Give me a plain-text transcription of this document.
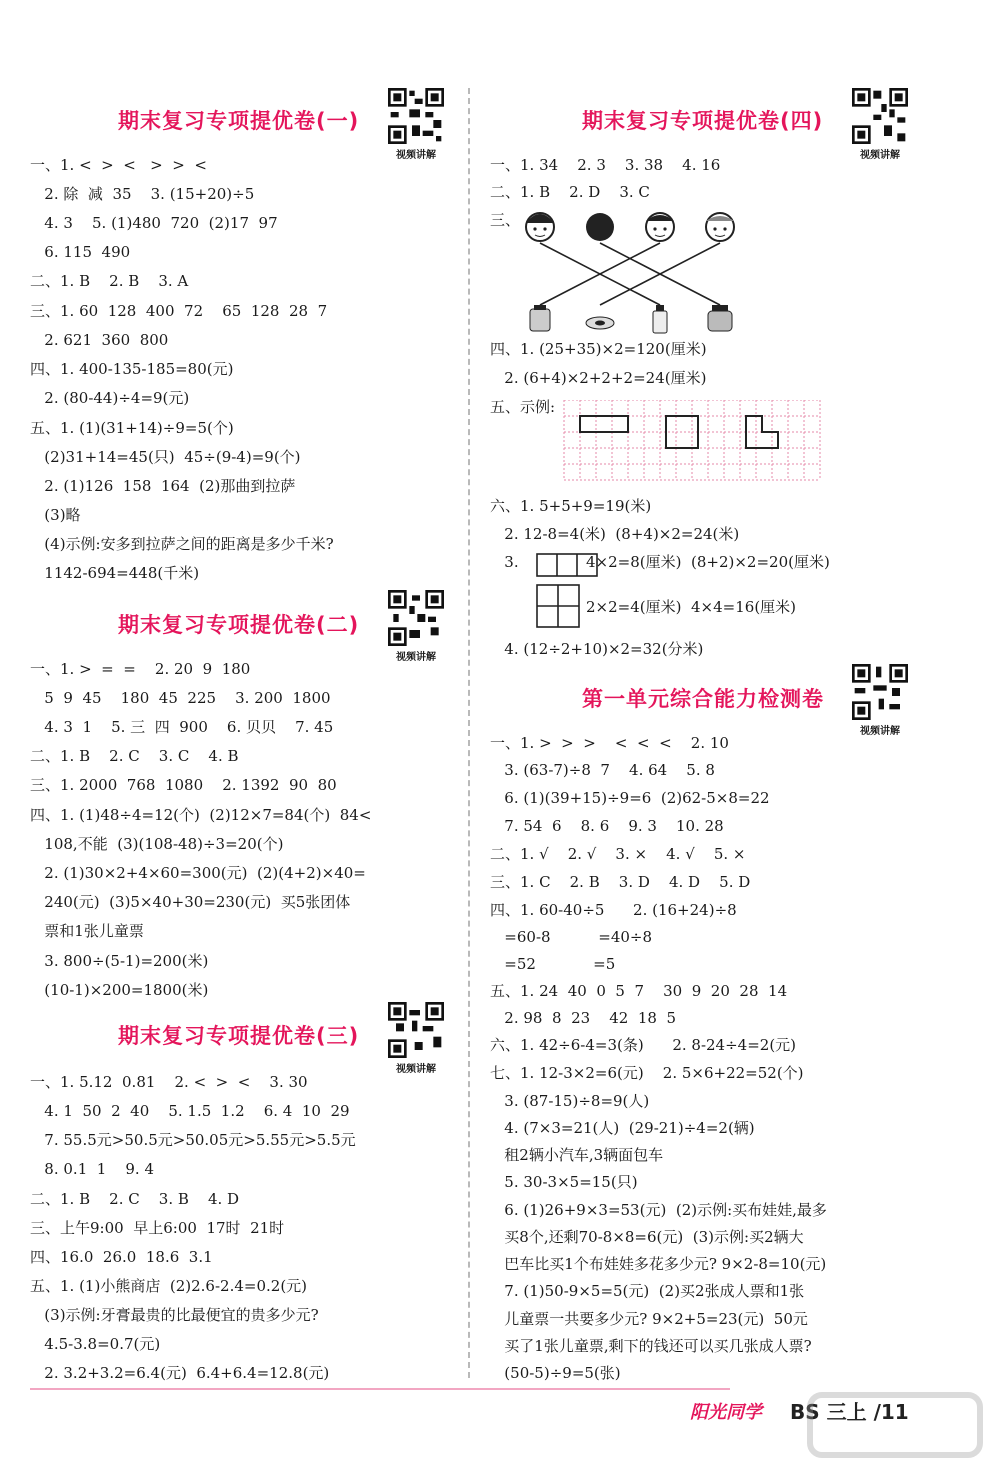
期末复习专项提优卷(一)
期末复习专项提优卷(二)
期末复习专项提优卷(三)
期末复习专项提优卷(四)
第一单元综合能力检测卷
视频讲解
视频讲解
视频讲解
视频讲解
视频讲解
一、1. <  >  <   >  >  <
2. 除  减  35    3. (15+20)÷5
4. 3    5. (1)480  720  (2)17  97
6. 115  490
二、1. B    2. B    3. A
三、1. 60  128  400  72    65  128  28  7
2. 621  360  800
四、1. 400-135-185=80(元)
2. (80-44)÷4=9(元)
五、1. (1)(31+14)÷9=5(个)
(2)31+14=45(只)  45÷(9-4)=9(个)
2. (1)126  158  164  (2)那曲到拉萨
(3)略
(4)示例:安多到拉萨之间的距离是多少千米?
1142-694=448(千米)
一、1. >  =  =    2. 20  9  180
5  9  45    180  45  225    3. 200  1800
4. 3  1    5. 三  四  900    6. 贝贝    7. 45
二、1. B    2. C    3. C    4. B
三、1. 2000  768  1080    2. 1392  90  80
四、1. (1)48÷4=12(个)  (2)12×7=84(个)  84<
108,不能  (3)(108-48)÷3=20(个)
2. (1)30×2+4×60=300(元)  (2)(4+2)×40=
240(元)  (3)5×40+30=230(元)  买5张团体
票和1张儿童票
3. 800÷(5-1)=200(米)
(10-1)×200=1800(米)
一、1. 5.12  0.81    2. <  >  <    3. 30
4. 1  50  2  40    5. 1.5  1.2    6. 4  10  29
7. 55.5元>50.5元>50.05元>5.55元>5.5元
8. 0.1  1    9. 4
二、1. B    2. C    3. B    4. D
三、上午9:00  早上6:00  17时  21时
四、16.0  26.0  18.6  3.1
五、1. (1)小熊商店  (2)2.6-2.4=0.2(元)
(3)示例:牙膏最贵的比最便宜的贵多少元?
4.5-3.8=0.7(元)
2. 3.2+3.2=6.4(元)  6.4+6.4=12.8(元)
一、1. 34    2. 3    3. 38    4. 16
二、1. B    2. D    3. C
三、
四、1. (25+35)×2=120(厘米)
2. (6+4)×2+2+2=24(厘米)
五、示例:
六、1. 5+5+9=19(米)
2. 12-8=4(米)  (8+4)×2=24(米)
3.	4×2=8(厘米)  (8+2)×2=20(厘米)
2×2=4(厘米)  4×4=16(厘米)
4. (12÷2+10)×2=32(分米)
一、1. >  >  >    <  <  <    2. 10
3. (63-7)÷8  7    4. 64    5. 8
6. (1)(39+15)÷9=6  (2)62-5×8=22
7. 54  6    8. 6    9. 3    10. 28
二、1. √    2. √    3. ×    4. √    5. ×
三、1. C    2. B    3. D    4. D    5. D
四、1. 60-40÷5      2. (16+24)÷8
=60-8          =40÷8
=52            =5
五、1. 24  40  0  5  7    30  9  20  28  14
2. 98  8  23    42  18  5
六、1. 42÷6-4=3(条)      2. 8-24÷4=2(元)
七、1. 12-3×2=6(元)    2. 5×6+22=52(个)
3. (87-15)÷8=9(人)
4. (7×3=21(人)  (29-21)÷4=2(辆)
租2辆小汽车,3辆面包车
5. 30-3×5=15(只)
6. (1)26+9×3=53(元)  (2)示例:买布娃娃,最多
买8个,还剩70-8×8=6(元)  (3)示例:买2辆大
巴车比买1个布娃娃多花多少元? 9×2-8=10(元)
7. (1)50-9×5=5(元)  (2)买2张成人票和1张
儿童票一共要多少元? 9×2+5=23(元)  50元
买了1张儿童票,剩下的钱还可以买几张成人票?
(50-5)÷9=5(张)
阳光同学 BS 三上 /11
